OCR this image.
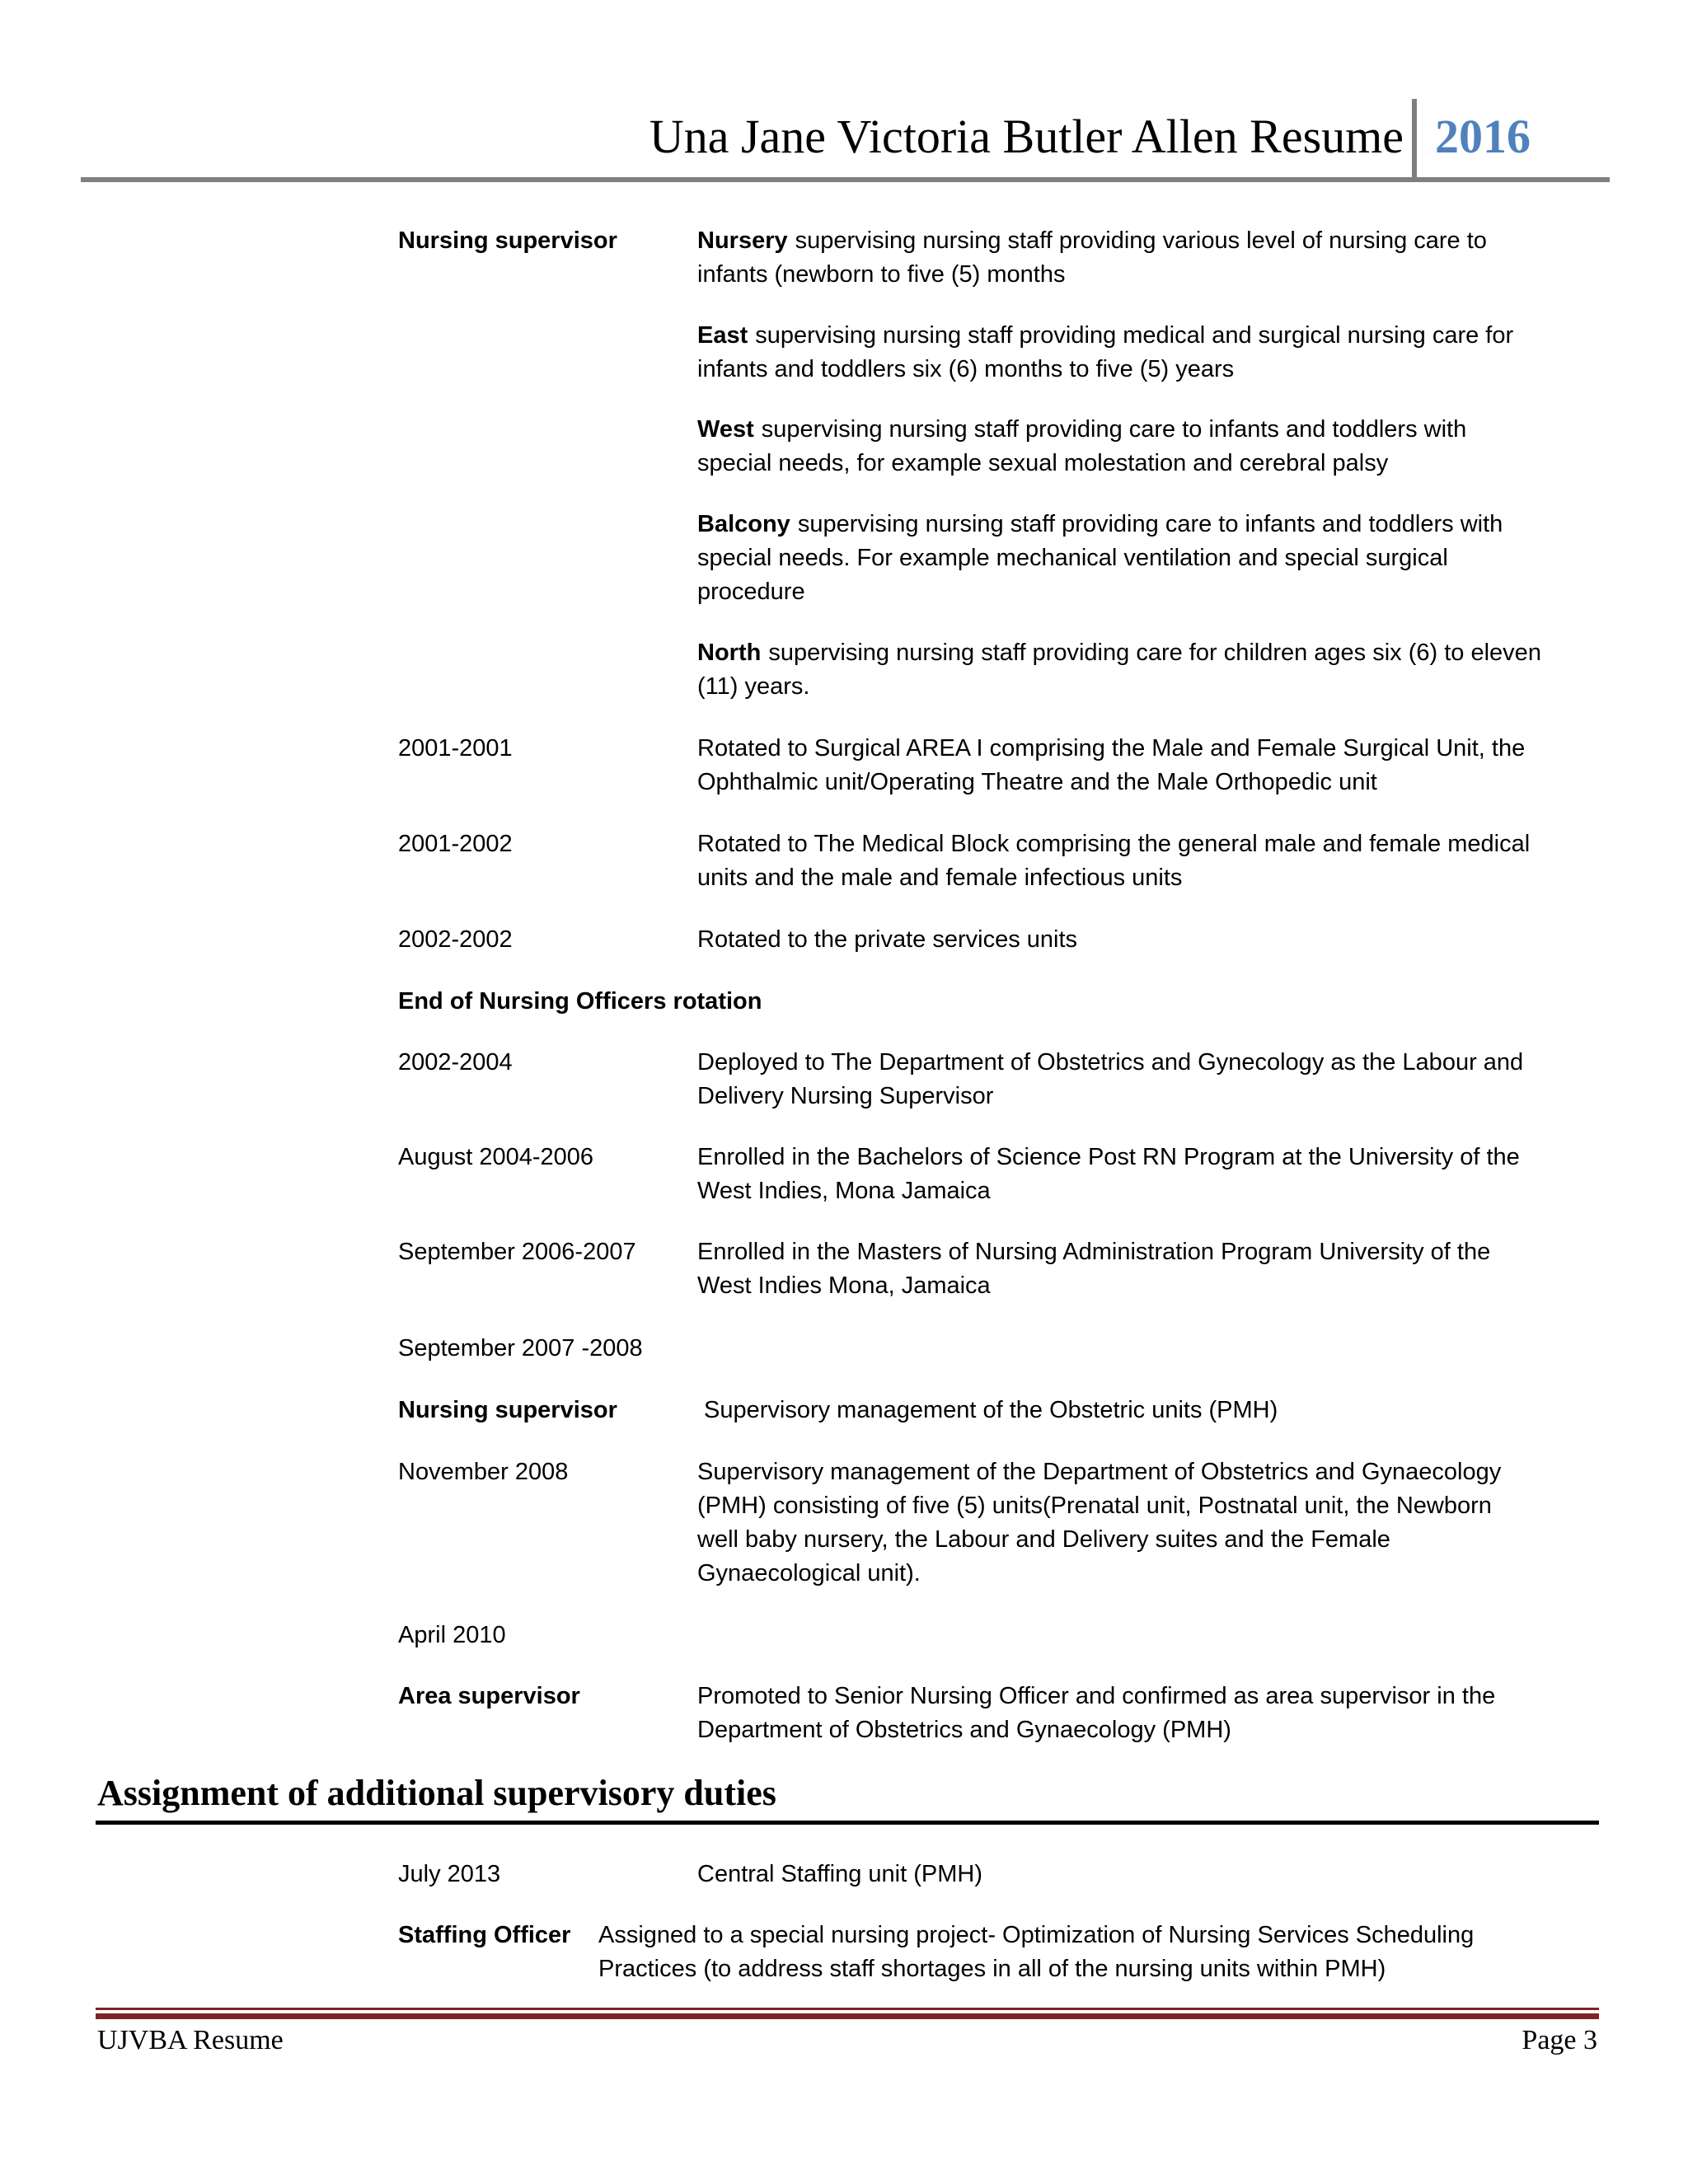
Una Jane Victoria Butler Allen Resume 2016
Nursing supervisor	Nursery supervising nursing staff providing various level of nursing care to
infants (newborn to five (5) months
East supervising nursing staff providing medical and surgical nursing care for
infants and toddlers six (6) months to five (5) years
West supervising nursing staff providing care to infants and toddlers with
special needs, for example sexual molestation and cerebral palsy
Balcony supervising nursing staff providing care to infants and toddlers with
special needs. For example mechanical ventilation and special surgical
procedure
North supervising nursing staff providing care for children ages six (6) to eleven
(11) years.
2001-2001	Rotated to Surgical AREA I comprising the Male and Female Surgical Unit, the
Ophthalmic unit/Operating Theatre and the Male Orthopedic unit
2001-2002	Rotated to The Medical Block comprising the general male and female medical
units and the male and female infectious units
2002-2002	Rotated to the private services units
End of Nursing Officers rotation
2002-2004	Deployed to The Department of Obstetrics and Gynecology as the Labour and
Delivery Nursing Supervisor
August 2004-2006	Enrolled in the Bachelors of Science Post RN Program at the University of the
West Indies, Mona Jamaica
September 2006-2007	Enrolled in the Masters of Nursing Administration Program University of the
West Indies Mona, Jamaica
September 2007 -2008
Nursing supervisor	Supervisory management of the Obstetric units (PMH)
November 2008	Supervisory management of the Department of Obstetrics and Gynaecology
(PMH) consisting of five (5) units(Prenatal unit, Postnatal unit, the Newborn
well baby nursery, the Labour and Delivery suites and the Female
Gynaecological unit).
April 2010
Area supervisor	Promoted to Senior Nursing Officer and confirmed as area supervisor in the
Department of Obstetrics and Gynaecology (PMH)
Assignment of additional supervisory duties
July 2013	Central Staffing unit (PMH)
Staffing Officer Assigned to a special nursing project- Optimization of Nursing Services Scheduling
Practices (to address staff shortages in all of the nursing units within PMH)
UJVBA Resume	Page 3
